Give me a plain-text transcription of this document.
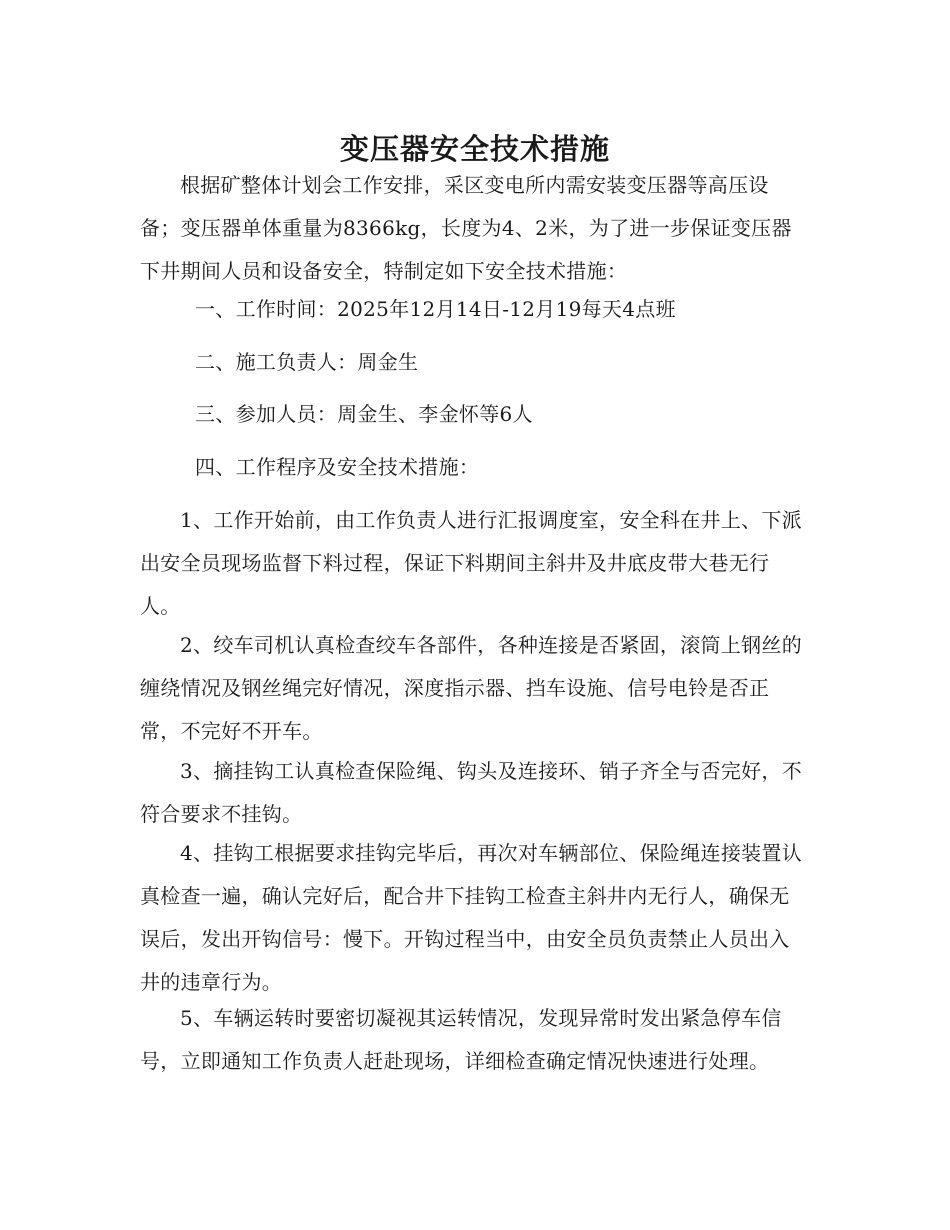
变压器安全技术措施

根据矿整体计划会工作安排，采区变电所内需安装变压器等高压设备；变压器单体重量为8366kg，长度为4、2米，为了进一步保证变压器下井期间人员和设备安全，特制定如下安全技术措施：

一、工作时间：2025年12月14日-12月19每天4点班

二、施工负责人：周金生

三、参加人员：周金生、李金怀等6人

四、工作程序及安全技术措施：

1、工作开始前，由工作负责人进行汇报调度室，安全科在井上、下派出安全员现场监督下料过程，保证下料期间主斜井及井底皮带大巷无行人。

2、绞车司机认真检查绞车各部件，各种连接是否紧固，滚筒上钢丝的缠绕情况及钢丝绳完好情况，深度指示器、挡车设施、信号电铃是否正常，不完好不开车。

3、摘挂钩工认真检查保险绳、钩头及连接环、销子齐全与否完好，不符合要求不挂钩。

4、挂钩工根据要求挂钩完毕后，再次对车辆部位、保险绳连接装置认真检查一遍，确认完好后，配合井下挂钩工检查主斜井内无行人，确保无误后，发出开钩信号：慢下。开钩过程当中，由安全员负责禁止人员出入井的违章行为。

5、车辆运转时要密切凝视其运转情况，发现异常时发出紧急停车信号，立即通知工作负责人赶赴现场，详细检查确定情况快速进行处理。
